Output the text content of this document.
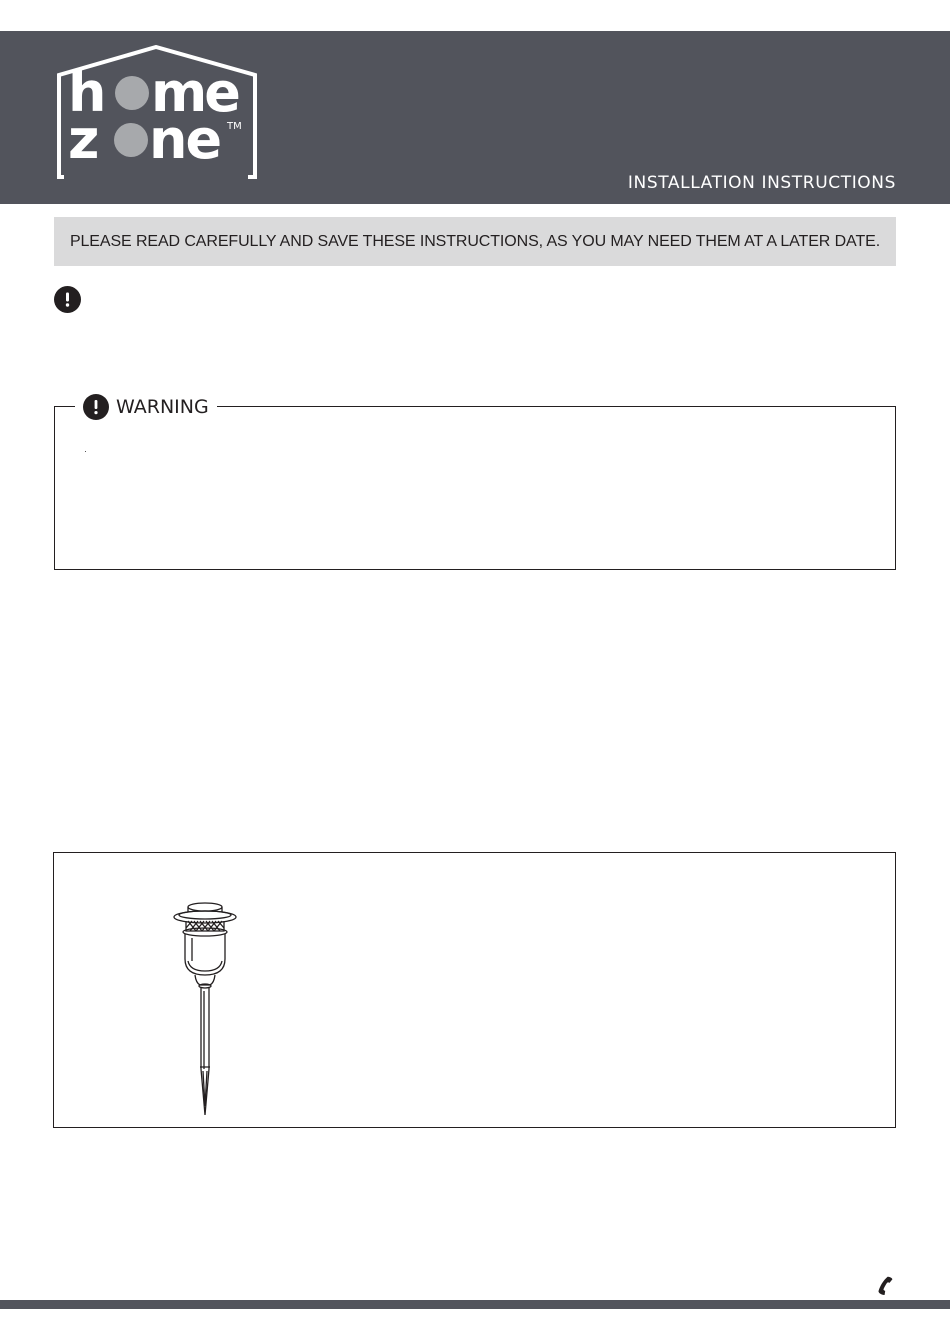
h me
z ne TM
INSTALLATION INSTRUCTIONS
PLEASE READ CAREFULLY AND SAVE THESE INSTRUCTIONS, AS YOU MAY NEED THEM AT A LATER DATE.
WARNING
